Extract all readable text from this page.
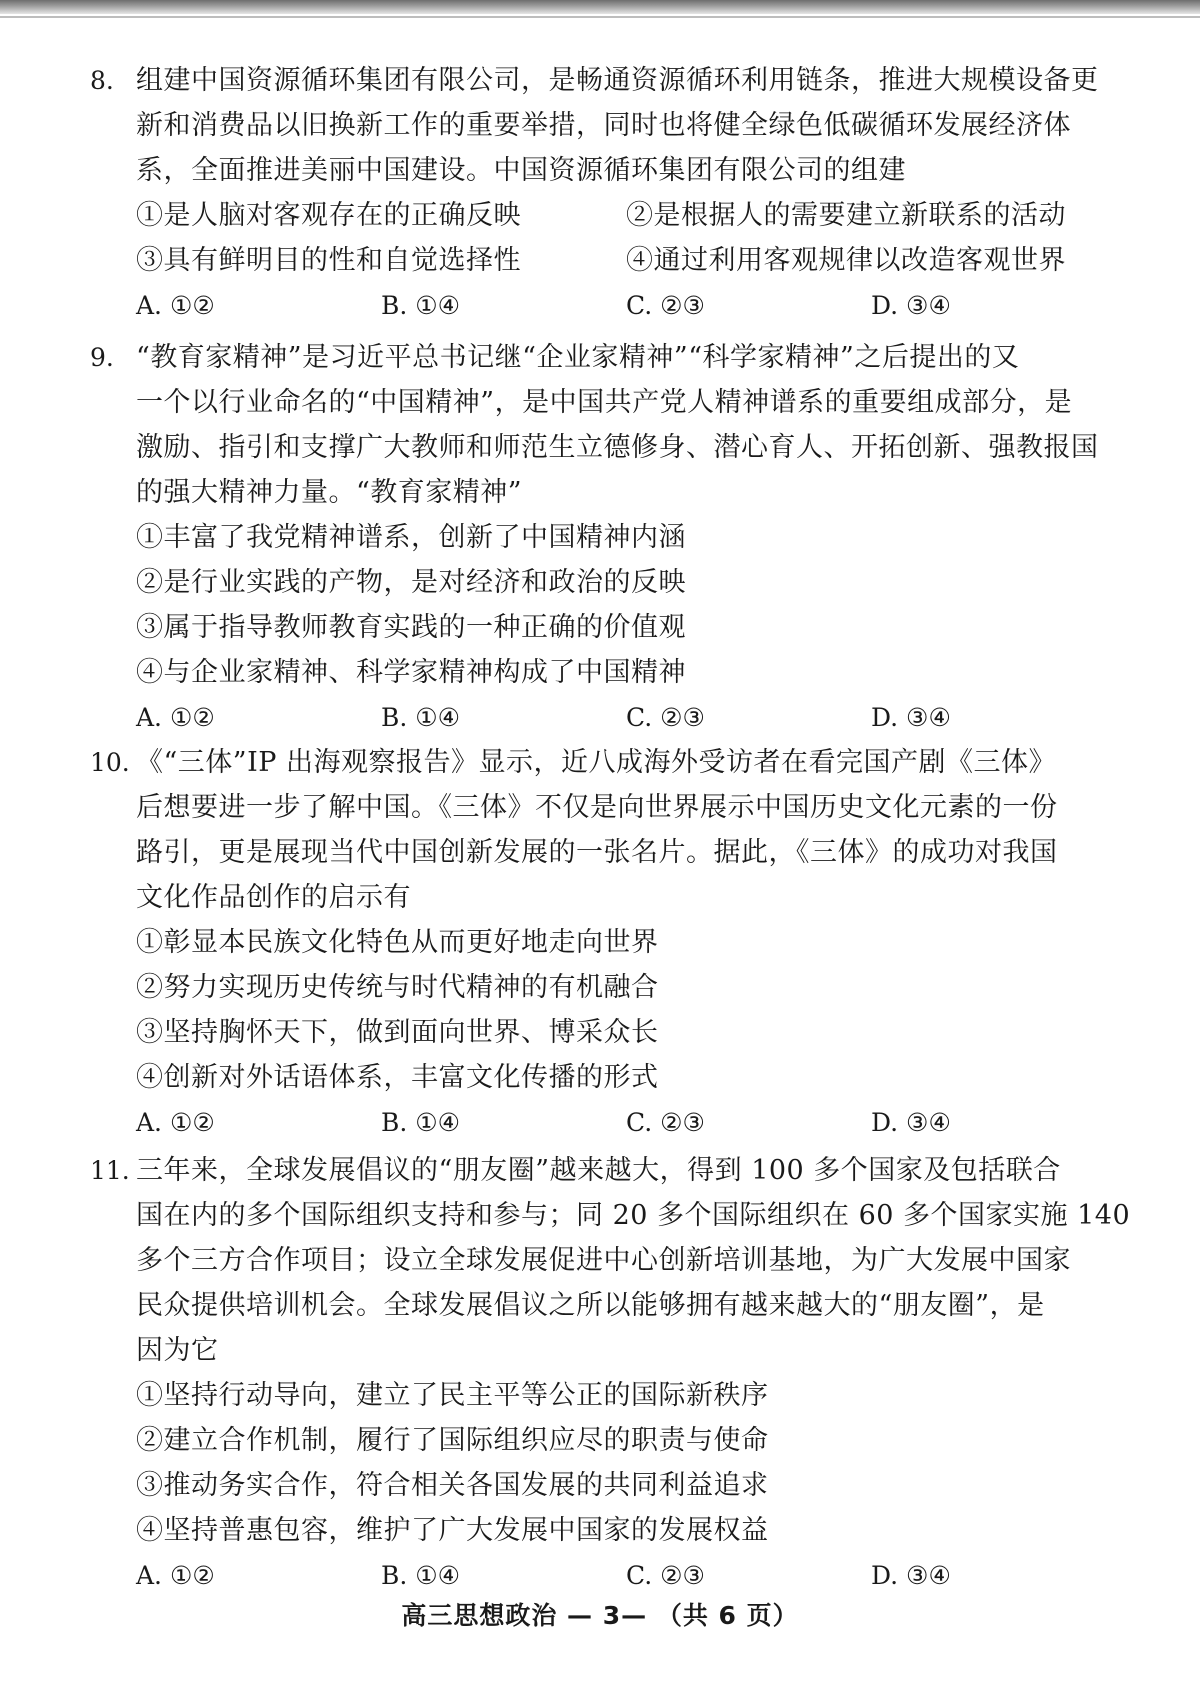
8. 组建中国资源循环集团有限公司，是畅通资源循环利用链条，推进大规模设备更
新和消费品以旧换新工作的重要举措，同时也将健全绿色低碳循环发展经济体
系，全面推进美丽中国建设。中国资源循环集团有限公司的组建
①是人脑对客观存在的正确反映	②是根据人的需要建立新联系的活动
③具有鲜明目的性和自觉选择性	④通过利用客观规律以改造客观世界
A. ①②	B. ①④	C. ②③	D. ③④
9. “教育家精神”是习近平总书记继“企业家精神”“科学家精神”之后提出的又
一个以行业命名的“中国精神”，是中国共产党人精神谱系的重要组成部分，是
激励、指引和支撑广大教师和师范生立德修身、潜心育人、开拓创新、强教报国
的强大精神力量。“教育家精神”
①丰富了我党精神谱系，创新了中国精神内涵
②是行业实践的产物，是对经济和政治的反映
③属于指导教师教育实践的一种正确的价值观
④与企业家精神、科学家精神构成了中国精神
A. ①②	B. ①④	C. ②③	D. ③④
10. 《“三体”IP 出海观察报告》显示，近八成海外受访者在看完国产剧《三体》
后想要进一步了解中国。《三体》不仅是向世界展示中国历史文化元素的一份
路引，更是展现当代中国创新发展的一张名片。据此，《三体》的成功对我国
文化作品创作的启示有
①彰显本民族文化特色从而更好地走向世界
②努力实现历史传统与时代精神的有机融合
③坚持胸怀天下，做到面向世界、博采众长
④创新对外话语体系，丰富文化传播的形式
A. ①②	B. ①④	C. ②③	D. ③④
11. 三年来，全球发展倡议的“朋友圈”越来越大，得到 100 多个国家及包括联合
国在内的多个国际组织支持和参与；同 20 多个国际组织在 60 多个国家实施 140
多个三方合作项目；设立全球发展促进中心创新培训基地，为广大发展中国家
民众提供培训机会。全球发展倡议之所以能够拥有越来越大的“朋友圈”，是
因为它
①坚持行动导向，建立了民主平等公正的国际新秩序
②建立合作机制，履行了国际组织应尽的职责与使命
③推动务实合作，符合相关各国发展的共同利益追求
④坚持普惠包容，维护了广大发展中国家的发展权益
A. ①②	B. ①④	C. ②③	D. ③④
高三思想政治 — 3— （共 6 页）
